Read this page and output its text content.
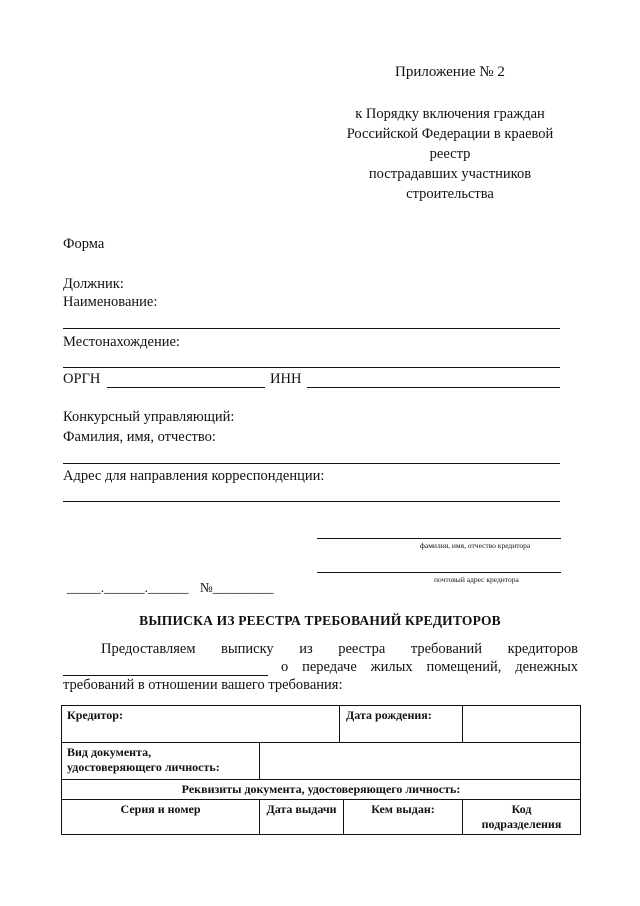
Приложение № 2
к Порядку включения граждан
Российской Федерации в краевой
реестр
пострадавших участников
строительства
Форма
Должник:
Наименование:
Местонахождение:
ОРГН	ИНН
Конкурсный управляющий:
Фамилия, имя, отчество:
Адрес для направления корреспонденции:
фамилия, имя, отчество кредитора
почтовый адрес кредитора
_____.______.______ №_________
ВЫПИСКА ИЗ РЕЕСТРА ТРЕБОВАНИЙ КРЕДИТОРОВ
Предоставляем выписку из реестра требований кредиторов
о передаче жилых помещений, денежных
требований в отношении вашего требования:
Кредитор: Дата рождения:			

Вид документа,
удостоверяющего личность:			

Реквизиты документа, удостоверяющего личность:			
Серия и номер	Дата выдачи	Кем выдан:	Код
подразделения
